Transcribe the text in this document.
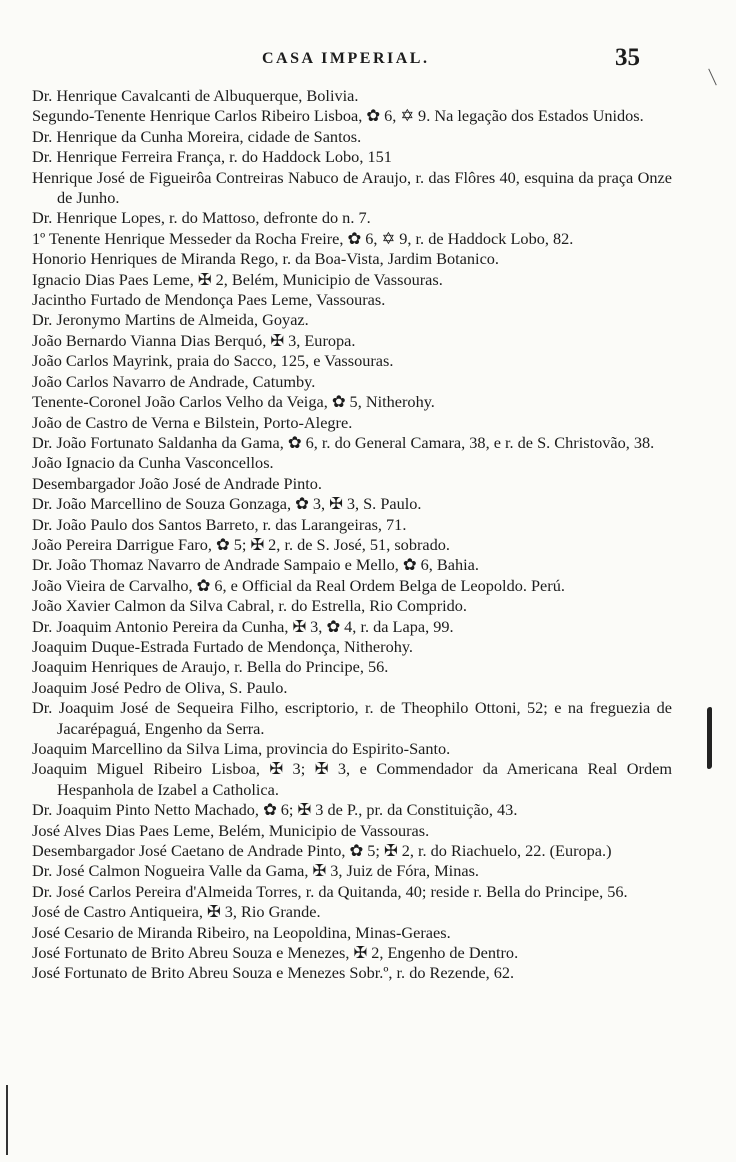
CASA IMPERIAL.	35
Dr. Henrique Cavalcanti de Albuquerque, Bolivia.
Segundo-Tenente Henrique Carlos Ribeiro Lisboa, ✿ 6, ✡ 9. Na legação dos Estados Unidos.
Dr. Henrique da Cunha Moreira, cidade de Santos.
Dr. Henrique Ferreira França, r. do Haddock Lobo, 151
Henrique José de Figueirôa Contreiras Nabuco de Araujo, r. das Flôres 40, esquina da praça Onze de Junho.
Dr. Henrique Lopes, r. do Mattoso, defronte do n. 7.
1º Tenente Henrique Messeder da Rocha Freire, ✿ 6, ✡ 9, r. de Haddock Lobo, 82.
Honorio Henriques de Miranda Rego, r. da Boa-Vista, Jardim Botanico.
Ignacio Dias Paes Leme, ✠ 2, Belém, Municipio de Vassouras.
Jacintho Furtado de Mendonça Paes Leme, Vassouras.
Dr. Jeronymo Martins de Almeida, Goyaz.
João Bernardo Vianna Dias Berquó, ✠ 3, Europa.
João Carlos Mayrink, praia do Sacco, 125, e Vassouras.
João Carlos Navarro de Andrade, Catumby.
Tenente-Coronel João Carlos Velho da Veiga, ✿ 5, Nitherohy.
João de Castro de Verna e Bilstein, Porto-Alegre.
Dr. João Fortunato Saldanha da Gama, ✿ 6, r. do General Camara, 38, e r. de S. Christovão, 38.
João Ignacio da Cunha Vasconcellos.
Desembargador João José de Andrade Pinto.
Dr. João Marcellino de Souza Gonzaga, ✿ 3, ✠ 3, S. Paulo.
Dr. João Paulo dos Santos Barreto, r. das Larangeiras, 71.
João Pereira Darrigue Faro, ✿ 5; ✠ 2, r. de S. José, 51, sobrado.
Dr. João Thomaz Navarro de Andrade Sampaio e Mello, ✿ 6, Bahia.
João Vieira de Carvalho, ✿ 6, e Official da Real Ordem Belga de Leopoldo. Perú.
João Xavier Calmon da Silva Cabral, r. do Estrella, Rio Comprido.
Dr. Joaquim Antonio Pereira da Cunha, ✠ 3, ✿ 4, r. da Lapa, 99.
Joaquim Duque-Estrada Furtado de Mendonça, Nitherohy.
Joaquim Henriques de Araujo, r. Bella do Principe, 56.
Joaquim José Pedro de Oliva, S. Paulo.
Dr. Joaquim José de Sequeira Filho, escriptorio, r. de Theophilo Ottoni, 52; e na freguezia de Jacarépaguá, Engenho da Serra.
Joaquim Marcellino da Silva Lima, provincia do Espirito-Santo.
Joaquim Miguel Ribeiro Lisboa, ✠ 3; ✠ 3, e Commendador da Americana Real Ordem Hespanhola de Izabel a Catholica.
Dr. Joaquim Pinto Netto Machado, ✿ 6; ✠ 3 de P., pr. da Constituição, 43.
José Alves Dias Paes Leme, Belém, Municipio de Vassouras.
Desembargador José Caetano de Andrade Pinto, ✿ 5; ✠ 2, r. do Riachuelo, 22. (Europa.)
Dr. José Calmon Nogueira Valle da Gama, ✠ 3, Juiz de Fóra, Minas.
Dr. José Carlos Pereira d'Almeida Torres, r. da Quitanda, 40; reside r. Bella do Principe, 56.
José de Castro Antiqueira, ✠ 3, Rio Grande.
José Cesario de Miranda Ribeiro, na Leopoldina, Minas-Geraes.
José Fortunato de Brito Abreu Souza e Menezes, ✠ 2, Engenho de Dentro.
José Fortunato de Brito Abreu Souza e Menezes Sobr.º, r. do Rezende, 62.
